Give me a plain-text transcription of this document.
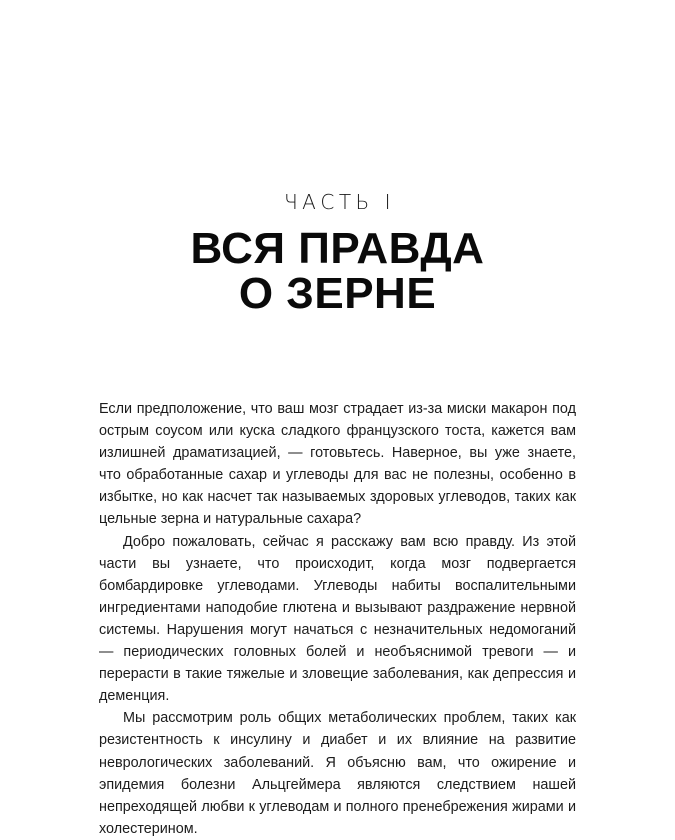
ЧАСТЬ I
ВСЯ ПРАВДА
О ЗЕРНЕ

Если предположение, что ваш мозг страдает из-за миски макарон под острым соусом или куска сладкого французского тоста, кажется вам излишней драматизацией, — готовьтесь. Наверное, вы уже знаете, что обработанные сахар и углеводы для вас не полезны, особенно в избытке, но как насчет так называемых здоровых углеводов, таких как цельные зерна и натуральные сахара?

Добро пожаловать, сейчас я расскажу вам всю правду. Из этой части вы узнаете, что происходит, когда мозг подвергается бомбардировке углеводами. Углеводы набиты воспалительными ингредиентами наподобие глютена и вызывают раздражение нервной системы. Нарушения могут начаться с незначительных недомоганий — периодических головных болей и необъяснимой тревоги — и перерасти в такие тяжелые и зловещие заболевания, как депрессия и деменция.

Мы рассмотрим роль общих метаболических проблем, таких как резистентность к инсулину и диабет и их влияние на развитие неврологических заболеваний. Я объясню вам, что ожирение и эпидемия болезни Альцгеймера являются следствием нашей непреходящей любви к углеводам и полного пренебрежения жирами и холестерином.
